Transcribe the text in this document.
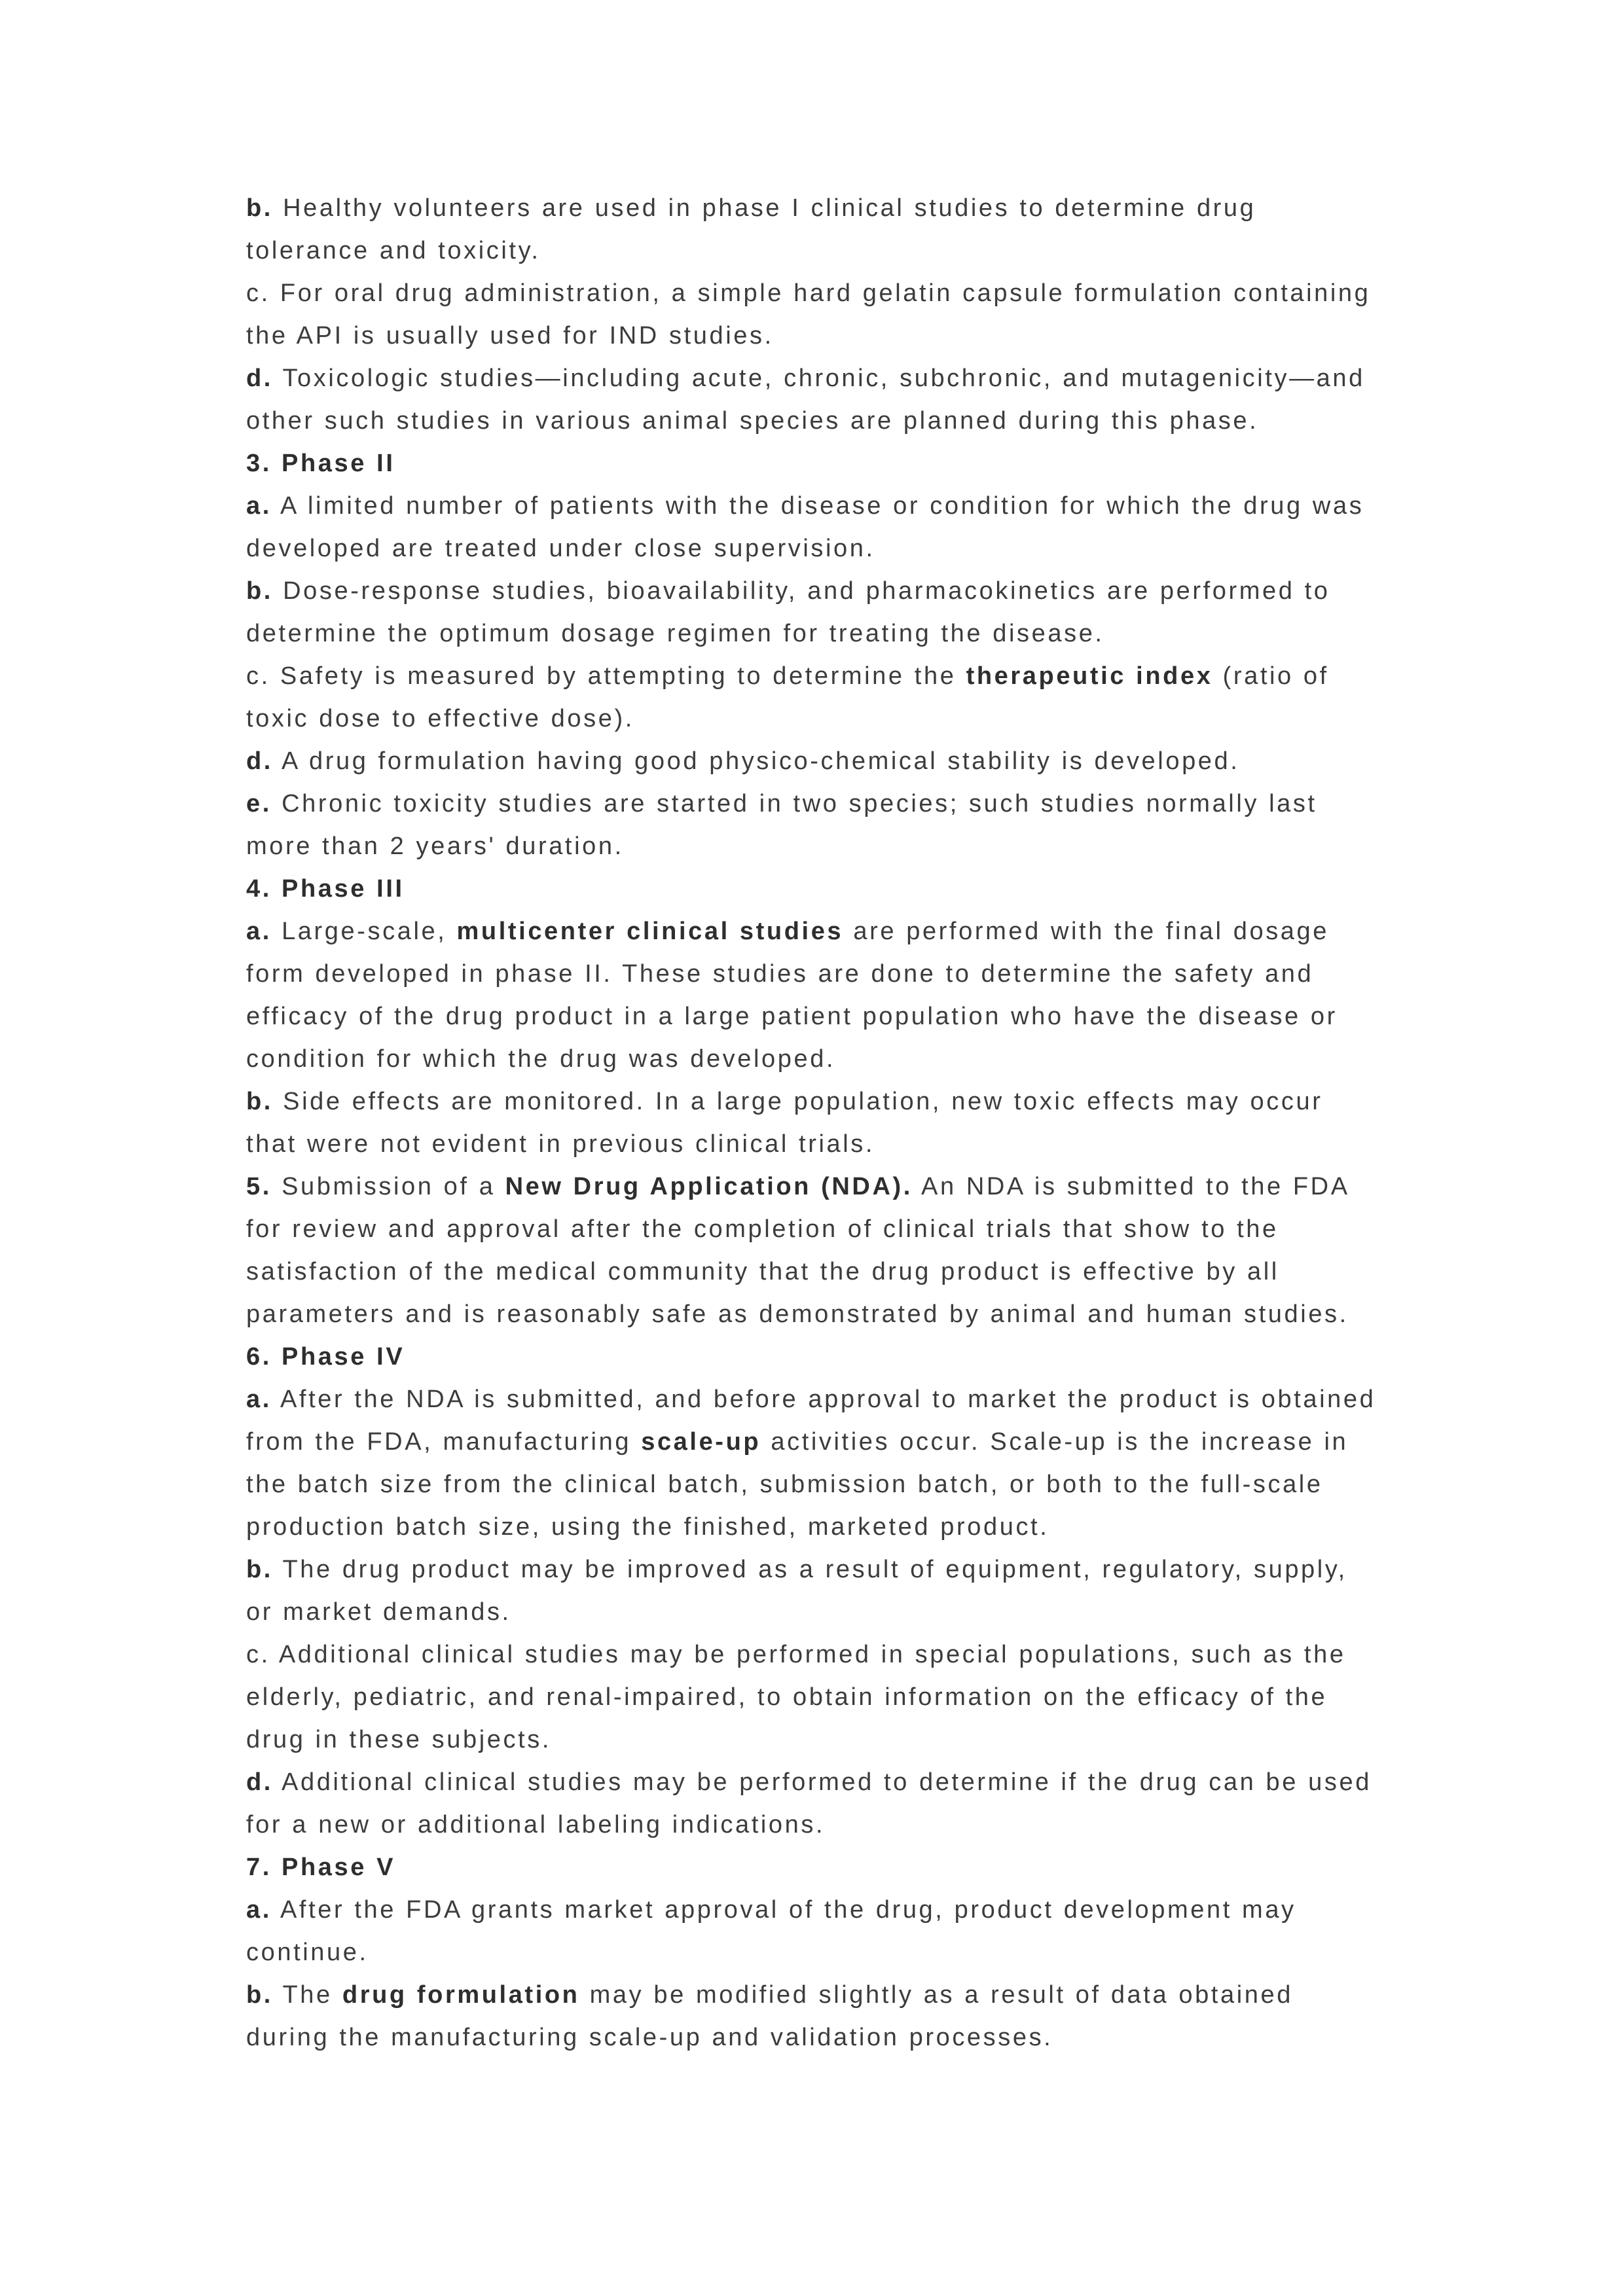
b. Healthy volunteers are used in phase I clinical studies to determine drug
tolerance and toxicity.
c. For oral drug administration, a simple hard gelatin capsule formulation containing
the API is usually used for IND studies.
d. Toxicologic studies—including acute, chronic, subchronic, and mutagenicity—and
other such studies in various animal species are planned during this phase.
3. Phase II
a. A limited number of patients with the disease or condition for which the drug was
developed are treated under close supervision.
b. Dose-response studies, bioavailability, and pharmacokinetics are performed to
determine the optimum dosage regimen for treating the disease.
c. Safety is measured by attempting to determine the therapeutic index (ratio of
toxic dose to effective dose).
d. A drug formulation having good physico-chemical stability is developed.
e. Chronic toxicity studies are started in two species; such studies normally last
more than 2 years' duration.
4. Phase III
a. Large-scale, multicenter clinical studies are performed with the final dosage
form developed in phase II. These studies are done to determine the safety and
efficacy of the drug product in a large patient population who have the disease or
condition for which the drug was developed.
b. Side effects are monitored. In a large population, new toxic effects may occur
that were not evident in previous clinical trials.
5. Submission of a New Drug Application (NDA). An NDA is submitted to the FDA
for review and approval after the completion of clinical trials that show to the
satisfaction of the medical community that the drug product is effective by all
parameters and is reasonably safe as demonstrated by animal and human studies.
6. Phase IV
a. After the NDA is submitted, and before approval to market the product is obtained
from the FDA, manufacturing scale-up activities occur. Scale-up is the increase in
the batch size from the clinical batch, submission batch, or both to the full-scale
production batch size, using the finished, marketed product.
b. The drug product may be improved as a result of equipment, regulatory, supply,
or market demands.
c. Additional clinical studies may be performed in special populations, such as the
elderly, pediatric, and renal-impaired, to obtain information on the efficacy of the
drug in these subjects.
d. Additional clinical studies may be performed to determine if the drug can be used
for a new or additional labeling indications.
7. Phase V
a. After the FDA grants market approval of the drug, product development may
continue.
b. The drug formulation may be modified slightly as a result of data obtained
during the manufacturing scale-up and validation processes.
